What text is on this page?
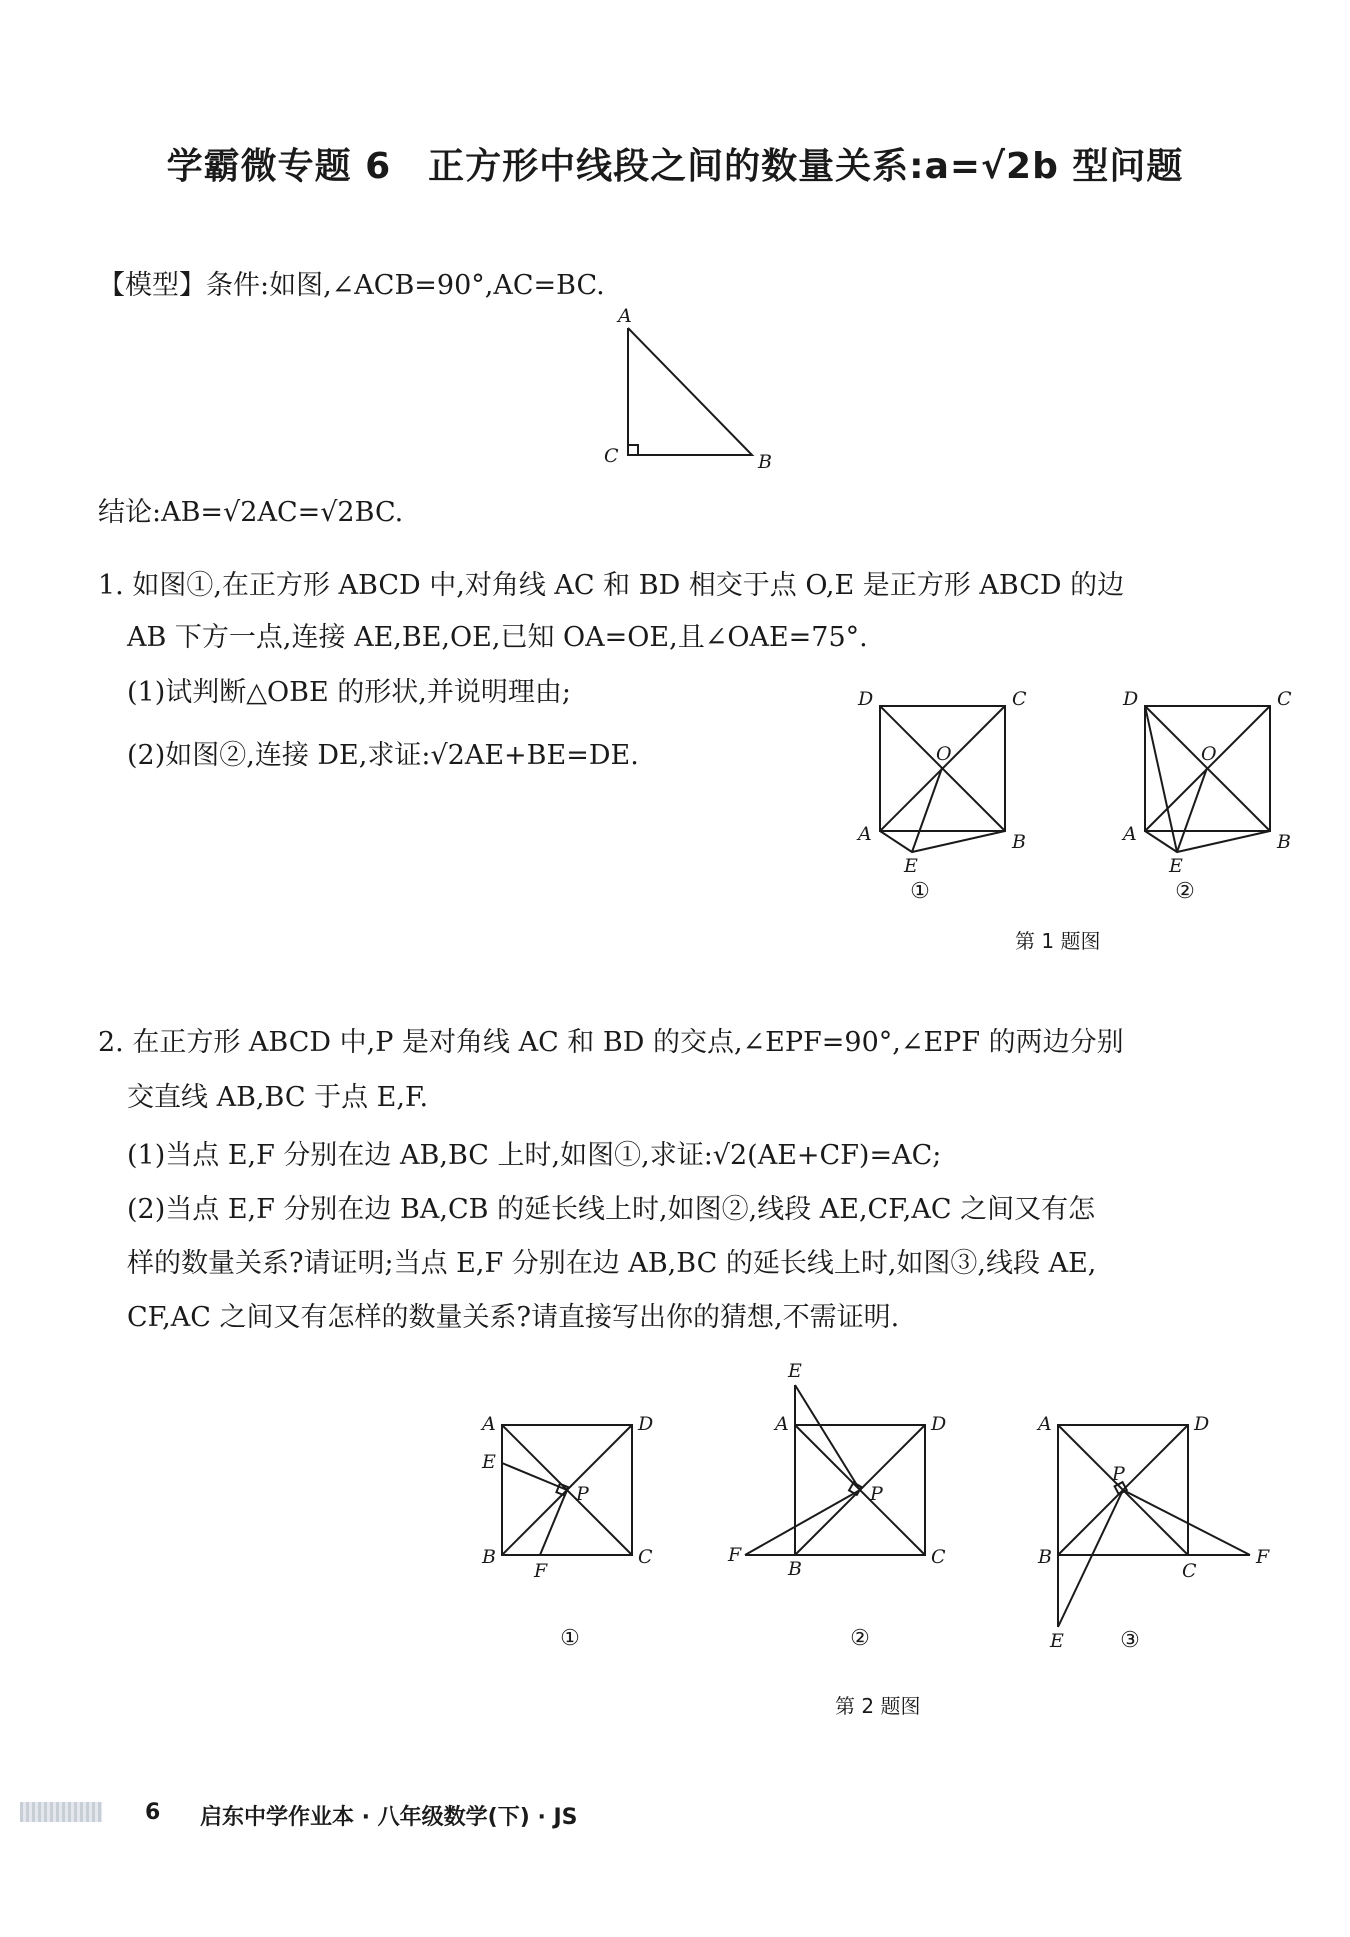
学霸微专题 6　正方形中线段之间的数量关系:a=√2b 型问题
【模型】条件:如图,∠ACB=90°,AC=BC.
A
C	B
结论:AB=√2AC=√2BC.
1. 如图①,在正方形 ABCD 中,对角线 AC 和 BD 相交于点 O,E 是正方形 ABCD 的边
AB 下方一点,连接 AE,BE,OE,已知 OA=OE,且∠OAE=75°.
(1)试判断△OBE 的形状,并说明理由;
(2)如图②,连接 DE,求证:√2AE+BE=DE.
D	C
O
A	B
E
①
D	C
O
A	B
E
②
第 1 题图
2. 在正方形 ABCD 中,P 是对角线 AC 和 BD 的交点,∠EPF=90°,∠EPF 的两边分别
交直线 AB,BC 于点 E,F.
(1)当点 E,F 分别在边 AB,BC 上时,如图①,求证:√2(AE+CF)=AC;
(2)当点 E,F 分别在边 BA,CB 的延长线上时,如图②,线段 AE,CF,AC 之间又有怎
样的数量关系?请证明;当点 E,F 分别在边 AB,BC 的延长线上时,如图③,线段 AE,
CF,AC 之间又有怎样的数量关系?请直接写出你的猜想,不需证明.
A	D
E
P
B	C
F
①
E
A	D
P
F
B
C
②
A	D
P
B
C
F
E	③
第 2 题图
6 启东中学作业本 · 八年级数学(下) · JS
